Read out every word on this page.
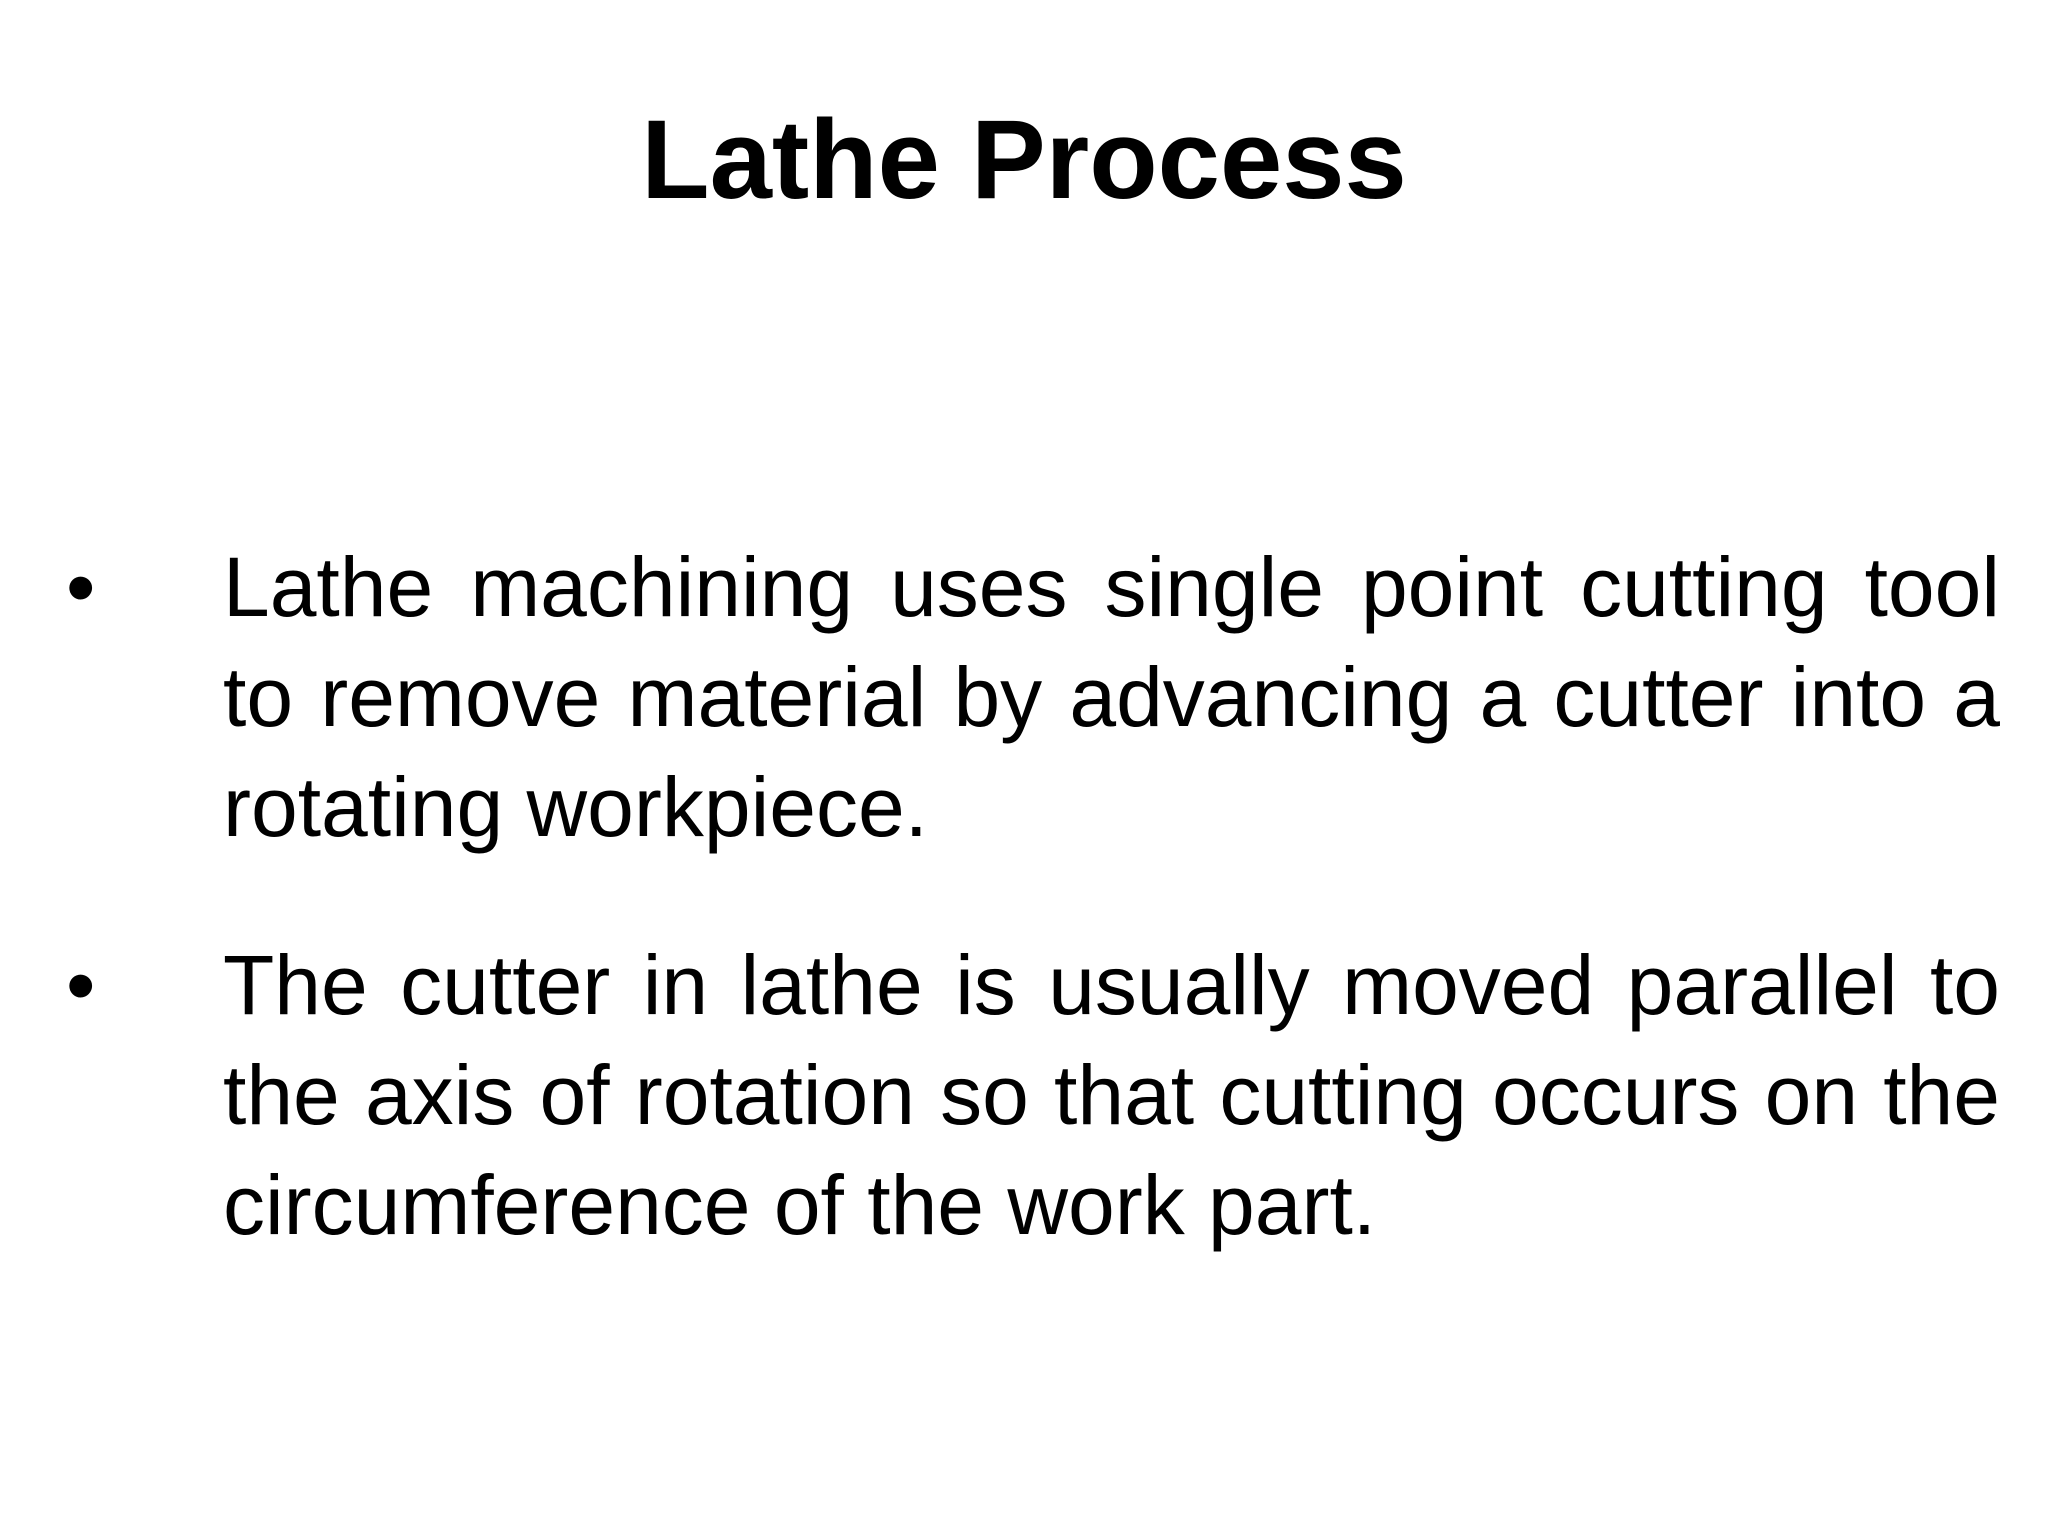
Lathe Process
• Lathe machining uses single point cutting tool to remove material by advancing a cutter into a rotating workpiece.

• The cutter in lathe is usually moved parallel to the axis of rotation so that cutting occurs on the circumference of the work part.
